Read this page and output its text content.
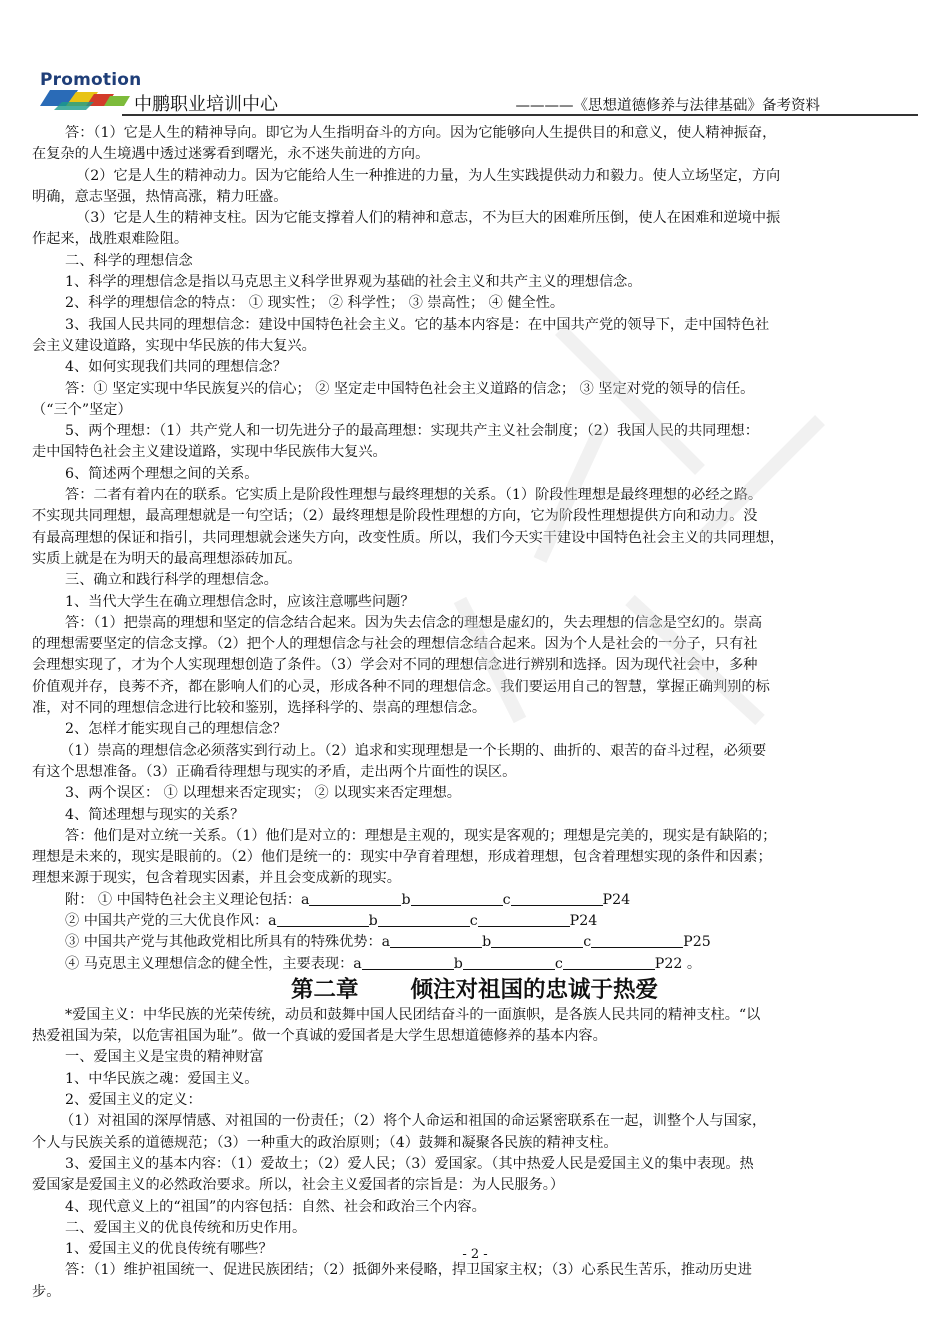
Promotion
中鹏职业培训中心	————《思想道德修养与法律基础》备考资料
答：（1）它是人生的精神导向。即它为人生指明奋斗的方向。因为它能够向人生提供目的和意义，使人精神振奋，
在复杂的人生境遇中透过迷雾看到曙光，永不迷失前进的方向。
（2）它是人生的精神动力。因为它能给人生一种推进的力量，为人生实践提供动力和毅力。使人立场坚定，方向
明确，意志坚强，热情高涨，精力旺盛。
（3）它是人生的精神支柱。因为它能支撑着人们的精神和意志，不为巨大的困难所压倒，使人在困难和逆境中振
作起来，战胜艰难险阻。
二、科学的理想信念
1、科学的理想信念是指以马克思主义科学世界观为基础的社会主义和共产主义的理想信念。
2、科学的理想信念的特点： ① 现实性； ② 科学性； ③ 崇高性； ④ 健全性。
3、我国人民共同的理想信念：建设中国特色社会主义。它的基本内容是：在中国共产党的领导下，走中国特色社
会主义建设道路，实现中华民族的伟大复兴。
4、如何实现我们共同的理想信念？
答：① 坚定实现中华民族复兴的信心； ② 坚定走中国特色社会主义道路的信念； ③ 坚定对党的领导的信任。
（“三个”坚定）
5、两个理想：（1）共产党人和一切先进分子的最高理想：实现共产主义社会制度；（2）我国人民的共同理想：
走中国特色社会主义建设道路，实现中华民族伟大复兴。
6、简述两个理想之间的关系。
答：二者有着内在的联系。它实质上是阶段性理想与最终理想的关系。（1）阶段性理想是最终理想的必经之路。
不实现共同理想，最高理想就是一句空话；（2）最终理想是阶段性理想的方向，它为阶段性理想提供方向和动力。没
有最高理想的保证和指引，共同理想就会迷失方向，改变性质。所以，我们今天实干建设中国特色社会主义的共同理想，
实质上就是在为明天的最高理想添砖加瓦。
三、确立和践行科学的理想信念。
1、当代大学生在确立理想信念时，应该注意哪些问题？
答：（1）把崇高的理想和坚定的信念结合起来。因为失去信念的理想是虚幻的，失去理想的信念是空幻的。崇高
的理想需要坚定的信念支撑。（2）把个人的理想信念与社会的理想信念结合起来。因为个人是社会的一分子，只有社
会理想实现了，才为个人实现理想创造了条件。（3）学会对不同的理想信念进行辨别和选择。因为现代社会中，多种
价值观并存，良莠不齐，都在影响人们的心灵，形成各种不同的理想信念。我们要运用自己的智慧，掌握正确判别的标
准，对不同的理想信念进行比较和鉴别，选择科学的、崇高的理想信念。
2、怎样才能实现自己的理想信念？
（1）崇高的理想信念必须落实到行动上。（2）追求和实现理想是一个长期的、曲折的、艰苦的奋斗过程，必须要
有这个思想准备。（3）正确看待理想与现实的矛盾，走出两个片面性的误区。
3、两个误区： ① 以理想来否定现实； ② 以现实来否定理想。
4、简述理想与现实的关系？
答：他们是对立统一关系。（1）他们是对立的：理想是主观的，现实是客观的；理想是完美的，现实是有缺陷的；
理想是未来的，现实是眼前的。（2）他们是统一的：现实中孕育着理想，形成着理想，包含着理想实现的条件和因素；
理想来源于现实，包含着现实因素，并且会变成新的现实。
附： ① 中国特色社会主义理论包括：a	b	c	P24
② 中国共产党的三大优良作风：a	b	c	P24
③ 中国共产党与其他政党相比所具有的特殊优势：a	b	c	P25
④ 马克思主义理想信念的健全性，主要表现：a	b	c	P22 。
第二章 倾注对祖国的忠诚于热爱
*爱国主义：中华民族的光荣传统，动员和鼓舞中国人民团结奋斗的一面旗帜，是各族人民共同的精神支柱。“以
热爱祖国为荣，以危害祖国为耻”。做一个真诚的爱国者是大学生思想道德修养的基本内容。
一、爱国主义是宝贵的精神财富
1、中华民族之魂：爱国主义。
2、爱国主义的定义：
（1）对祖国的深厚情感、对祖国的一份责任；（2）将个人命运和祖国的命运紧密联系在一起，训整个人与国家，
个人与民族关系的道德规范；（3）一种重大的政治原则；（4）鼓舞和凝聚各民族的精神支柱。
3、爱国主义的基本内容：（1）爱故土；（2）爱人民；（3）爱国家。（其中热爱人民是爱国主义的集中表现。热
爱国家是爱国主义的必然政治要求。所以，社会主义爱国者的宗旨是：为人民服务。）
4、现代意义上的“祖国”的内容包括：自然、社会和政治三个内容。
二、爱国主义的优良传统和历史作用。
1、爱国主义的优良传统有哪些？
答：（1）维护祖国统一、促进民族团结；（2）抵御外来侵略，捍卫国家主权；（3）心系民生苦乐，推动历史进
步。
- 2 -
